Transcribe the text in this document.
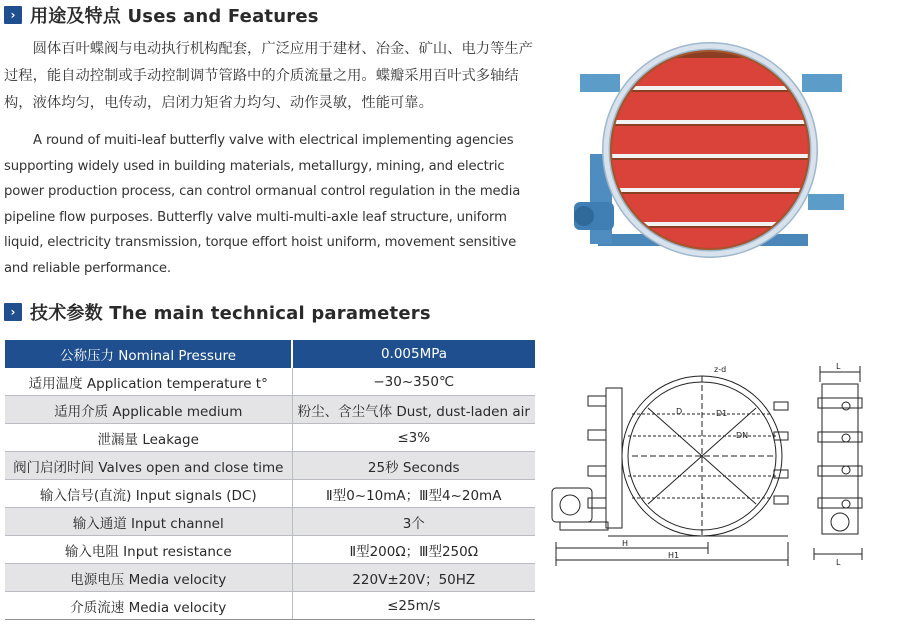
› 用途及特点 Uses and Features

圆体百叶蝶阀与电动执行机构配套，广泛应用于建材、冶金、矿山、电力等生产过程，能自动控制或手动控制调节管路中的介质流量之用。蝶瓣采用百叶式多轴结构，液体均匀，电传动，启闭力矩省力均匀、动作灵敏，性能可靠。

A round of muiti-leaf butterfly valve with electrical implementing agencies supporting widely used in building materials, metallurgy, mining, and electric power production process, can control ormanual control regulation in the media pipeline flow purposes. Butterfly valve multi-multi-axle leaf structure, uniform liquid, electricity transmission, torque effort hoist uniform, movement sensitive and reliable performance.

› 技术参数 The main technical parameters
公称压力 Nominal Pressure	0.005MPa
适用温度 Application temperature t°	−30~350℃
适用介质 Applicable medium	粉尘、含尘气体 Dust, dust-laden air
泄漏量 Leakage	≤3%
阀门启闭时间 Valves open and close time	25秒 Seconds
输入信号(直流) Input signals (DC)	Ⅱ型0~10mA；Ⅲ型4~20mA
输入通道 Input channel	3个
输入电阻 Input resistance	Ⅱ型200Ω；Ⅲ型250Ω
电源电压 Media velocity	220V±20V；50HZ
介质流速 Media velocity	≤25m/s
z-d
D	D1
DN
H
H1
L
L
